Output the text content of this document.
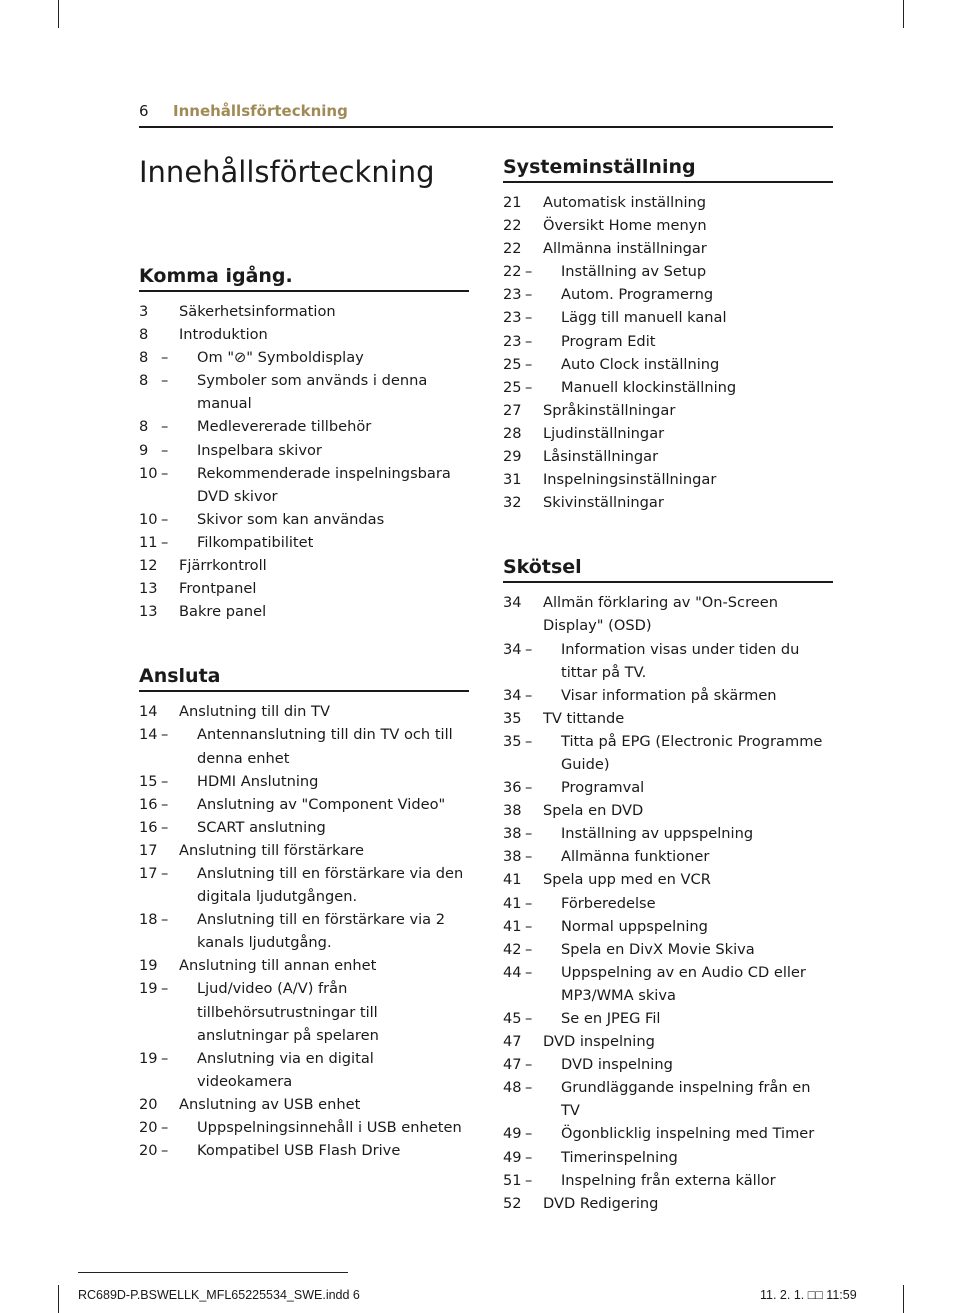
6 Innehållsförteckning
Innehållsförteckning
Komma igång.
3	Säkerhetsinformation
8	Introduktion
8 – Om "⊘" Symboldisplay
8 – Symboler som används i denna manual
8 – Medlevererade tillbehör
9 – Inspelbara skivor
10 – Rekommenderade inspelningsbara DVD skivor
10 – Skivor som kan användas
11 – Filkompatibilitet
12	Fjärrkontroll
13	Frontpanel
13	Bakre panel
Ansluta
14	Anslutning till din TV
14 – Antennanslutning till din TV och till denna enhet
15 – HDMI Anslutning
16 – Anslutning av "Component Video"
16 – SCART anslutning
17	Anslutning till förstärkare
17 – Anslutning till en förstärkare via den digitala ljudutgången.
18 – Anslutning till en förstärkare via 2 kanals ljudutgång.
19	Anslutning till annan enhet
19 – Ljud/video (A/V) från tillbehörsutrustningar till anslutningar på spelaren
19 – Anslutning via en digital videokamera
20	Anslutning av USB enhet
20 – Uppspelningsinnehåll i USB enheten
20 – Kompatibel USB Flash Drive
Systeminställning
21	Automatisk inställning
22	Översikt Home menyn
22	Allmänna inställningar
22 – Inställning av Setup
23 – Autom. Programerng
23 – Lägg till manuell kanal
23 – Program Edit
25 – Auto Clock inställning
25 – Manuell klockinställning
27	Språkinställningar
28	Ljudinställningar
29	Låsinställningar
31	Inspelningsinställningar
32	Skivinställningar
Skötsel
34	Allmän förklaring av "On-Screen Display" (OSD)
34 – Information visas under tiden du tittar på TV.
34 – Visar information på skärmen
35	TV tittande
35 – Titta på EPG (Electronic Programme Guide)
36 – Programval
38	Spela en DVD
38 – Inställning av uppspelning
38 – Allmänna funktioner
41	Spela upp med en VCR
41 – Förberedelse
41 – Normal uppspelning
42 – Spela en DivX Movie Skiva
44 – Uppspelning av en Audio CD eller MP3/WMA skiva
45 – Se en JPEG Fil
47	DVD inspelning
47 – DVD inspelning
48 – Grundläggande inspelning från en TV
49 – Ögonblicklig inspelning med Timer
49 – Timerinspelning
51 – Inspelning från externa källor
52	DVD Redigering
RC689D-P.BSWELLK_MFL65225534_SWE.indd 6	11. 2. 1. □□ 11:59
